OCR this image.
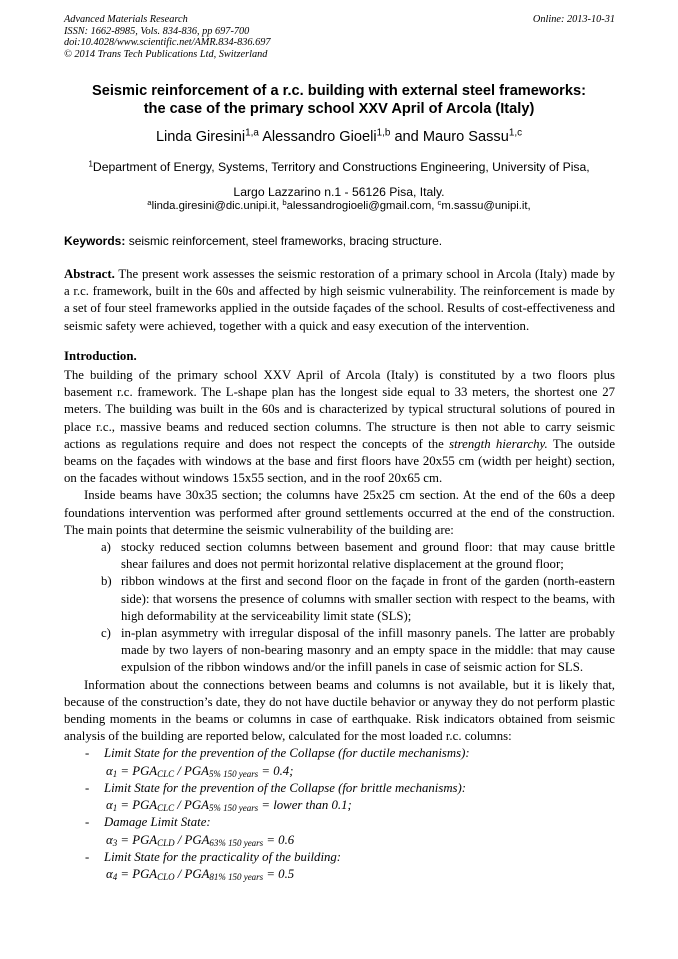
Advanced Materials Research
ISSN: 1662-8985, Vols. 834-836, pp 697-700
doi:10.4028/www.scientific.net/AMR.834-836.697
© 2014 Trans Tech Publications Ltd, Switzerland
Online: 2013-10-31
Seismic reinforcement of a r.c. building with external steel frameworks:
the case of the primary school XXV April of Arcola (Italy)
Linda Giresini$^{1,a}$ Alessandro Gioeli$^{1,b}$ and Mauro Sassu$^{1,c}$
$^1$Department of Energy, Systems, Territory and Constructions Engineering, University of Pisa,
Largo Lazzarino n.1 - 56126 Pisa, Italy.
$^a$linda.giresini@dic.unipi.it, $^b$alessandrogioeli@gmail.com, $^c$m.sassu@unipi.it,
Keywords: seismic reinforcement, steel frameworks, bracing structure.

Abstract. The present work assesses the seismic restoration of a primary school in Arcola (Italy) made by a r.c. framework, built in the 60s and affected by high seismic vulnerability. The reinforcement is made by a set of four steel frameworks applied in the outside façades of the school. Results of cost-effectiveness and seismic safety were achieved, together with a quick and easy execution of the intervention.

Introduction.

The building of the primary school XXV April of Arcola (Italy) is constituted by a two floors plus basement r.c. framework. The L-shape plan has the longest side equal to 33 meters, the shortest one 27 meters. The building was built in the 60s and is characterized by typical structural solutions of poured in place r.c., massive beams and reduced section columns. The structure is then not able to carry seismic actions as regulations require and does not respect the concepts of the strength hierarchy. The outside beams on the façades with windows at the base and first floors have 20x55 cm (width per height) section, on the facades without windows 15x55 section, and in the roof 20x65 cm.

Inside beams have 30x35 section; the columns have 25x25 cm section. At the end of the 60s a deep foundations intervention was performed after ground settlements occurred at the end of the construction. The main points that determine the seismic vulnerability of the building are:

a) stocky reduced section columns between basement and ground floor: that may cause brittle shear failures and does not permit horizontal relative displacement at the ground floor;
b) ribbon windows at the first and second floor on the façade in front of the garden (north-eastern side): that worsens the presence of columns with smaller section with respect to the beams, with high deformability at the serviceability limit state (SLS);
c) in-plan asymmetry with irregular disposal of the infill masonry panels. The latter are probably made by two layers of non-bearing masonry and an empty space in the middle: that may cause expulsion of the ribbon windows and/or the infill panels in case of seismic action for SLS.

Information about the connections between beams and columns is not available, but it is likely that, because of the construction’s date, they do not have ductile behavior or anyway they do not perform plastic bending moments in the beams or columns in case of earthquake. Risk indicators obtained from seismic analysis of the building are reported below, calculated for the most loaded r.c. columns:

- Limit State for the prevention of the Collapse (for ductile mechanisms):
$\alpha_1 = PGA_{CLC} / PGA_{5\% 150 years} = 0.4$;
- Limit State for the prevention of the Collapse (for brittle mechanisms):
$\alpha_1 = PGA_{CLC} / PGA_{5\% 150 years}$ = lower than 0.1;
- Damage Limit State:
$\alpha_3 = PGA_{CLD} / PGA_{63\% 150 years} = 0.6$
- Limit State for the practicality of the building:
$\alpha_4 = PGA_{CLO} / PGA_{81\% 150 years} = 0.5$
